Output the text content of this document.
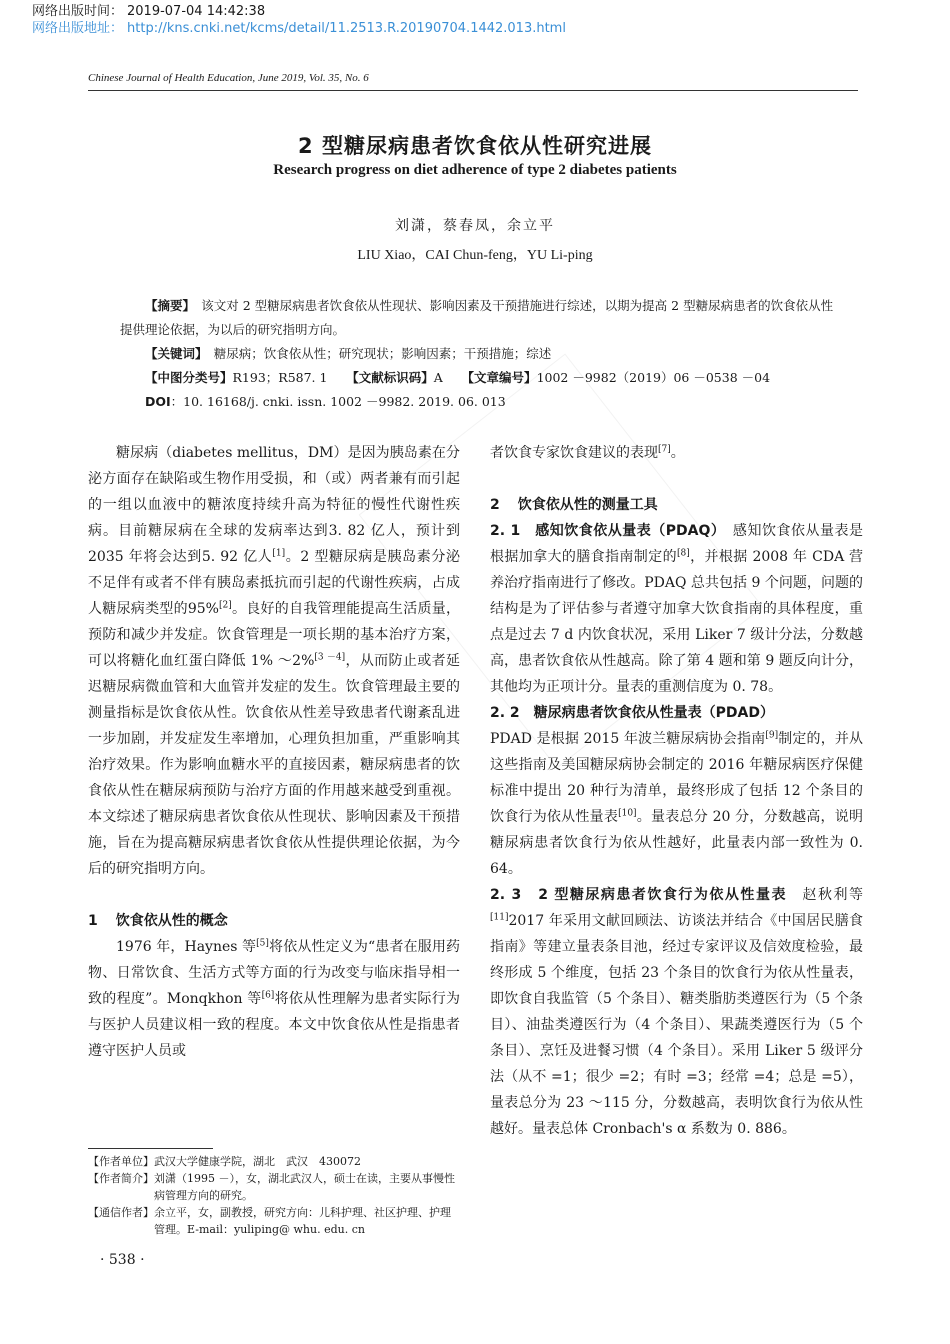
网络出版时间： 2019-07-04 14:42:38
网络出版地址： http://kns.cnki.net/kcms/detail/11.2513.R.20190704.1442.013.html
Chinese Journal of Health Education, June 2019, Vol. 35, No. 6
2 型糖尿病患者饮食依从性研究进展
Research progress on diet adherence of type 2 diabetes patients
刘潇，蔡春凤，余立平
LIU Xiao，CAI Chun-feng，YU Li-ping
【摘要】　 该文对 2 型糖尿病患者饮食依从性现状、影响因素及干预措施进行综述，以期为提高 2 型糖尿病患者的饮食依从性提供理论依据，为以后的研究指明方向。
【关键词】　 糖尿病；饮食依从性；研究现状；影响因素；干预措施；综述
【中图分类号】R193；R587. 1　　 【文献标识码】A　　 【文章编号】1002 －9982（2019）06 －0538 －04
DOI：10. 16168/j. cnki. issn. 1002 －9982. 2019. 06. 013

糖尿病（diabetes mellitus，DM）是因为胰岛素在分泌方面存在缺陷或生物作用受损，和（或）两者兼有而引起的一组以血液中的糖浓度持续升高为特征的慢性代谢性疾病。目前糖尿病在全球的发病率达到3. 82 亿人，预计到2035 年将会达到5. 92 亿人[1]。2 型糖尿病是胰岛素分泌不足伴有或者不伴有胰岛素抵抗而引起的代谢性疾病，占成人糖尿病类型的95%[2]。良好的自我管理能提高生活质量，预防和减少并发症。饮食管理是一项长期的基本治疗方案，可以将糖化血红蛋白降低 1% ～2%[3 －4]，从而防止或者延迟糖尿病微血管和大血管并发症的发生。饮食管理最主要的测量指标是饮食依从性。饮食依从性差导致患者代谢紊乱进一步加剧，并发症发生率增加，心理负担加重，严重影响其治疗效果。作为影响血糖水平的直接因素，糖尿病患者的饮食依从性在糖尿病预防与治疗方面的作用越来越受到重视。本文综述了糖尿病患者饮食依从性现状、影响因素及干预措施，旨在为提高糖尿病患者饮食依从性提供理论依据，为今后的研究指明方向。

1 饮食依从性的概念

1976 年，Haynes 等[5]将依从性定义为“患者在服用药物、日常饮食、生活方式等方面的行为改变与临床指导相一致的程度”。Monqkhon 等[6]将依从性理解为患者实际行为与医护人员建议相一致的程度。本文中饮食依从性是指患者遵守医护人员或

者饮食专家饮食建议的表现[7]。

2 饮食依从性的测量工具

2. 1　感知饮食依从量表（PDAQ）　感知饮食依从量表是根据加拿大的膳食指南制定的[8]，并根据 2008 年 CDA 营养治疗指南进行了修改。PDAQ 总共包括 9 个问题，问题的结构是为了评估参与者遵守加拿大饮食指南的具体程度，重点是过去 7 d 内饮食状况，采用 Liker 7 级计分法，分数越高，患者饮食依从性越高。除了第 4 题和第 9 题反向计分，其他均为正项计分。量表的重测信度为 0. 78。

2. 2　糖尿病患者饮食依从性量表（PDAD）

PDAD 是根据 2015 年波兰糖尿病协会指南[9]制定的，并从这些指南及美国糖尿病协会制定的 2016 年糖尿病医疗保健标准中提出 20 种行为清单，最终形成了包括 12 个条目的饮食行为依从性量表[10]。量表总分 20 分，分数越高，说明糖尿病患者饮食行为依从性越好，此量表内部一致性为 0. 64。

2. 3　2 型糖尿病患者饮食行为依从性量表　赵秋利等[11]2017 年采用文献回顾法、访谈法并结合《中国居民膳食指南》等建立量表条目池，经过专家评议及信效度检验，最终形成 5 个维度，包括 23 个条目的饮食行为依从性量表，即饮食自我监管（5 个条目）、糖类脂肪类遵医行为（5 个条目）、油盐类遵医行为（4 个条目）、果蔬类遵医行为（5 个条目）、烹饪及进餐习惯（4 个条目）。采用 Liker 5 级评分法（从不 =1；很少 =2；有时 =3；经常 =4；总是 =5），量表总分为 23 ～115 分，分数越高，表明饮食行为依从性越好。量表总体 Cronbach's α 系数为 0. 886。

【作者单位】 武汉大学健康学院，湖北　武汉　430072
【作者简介】 刘潇（1995 －），女，湖北武汉人，硕士在读，主要从事慢性病管理方向的研究。
【通信作者】 余立平，女，副教授，研究方向：儿科护理、社区护理、护理管理。E-mail：yuliping@ whu. edu. cn
· 538 ·
